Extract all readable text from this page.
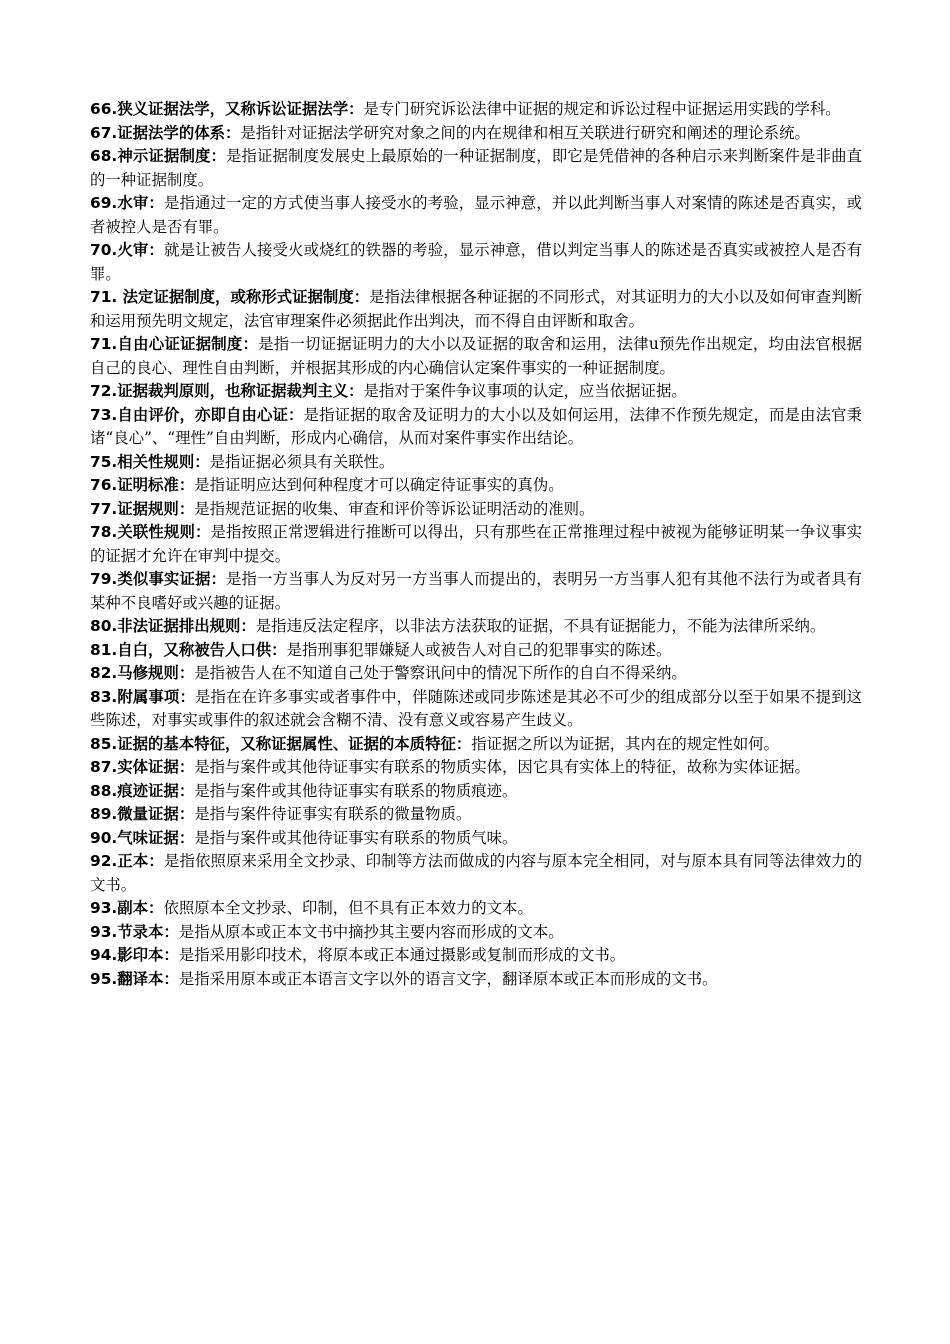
66.狭义证据法学，又称诉讼证据法学：是专门研究诉讼法律中证据的规定和诉讼过程中证据运用实践的学科。

67.证据法学的体系：是指针对证据法学研究对象之间的内在规律和相互关联进行研究和阐述的理论系统。

68.神示证据制度：是指证据制度发展史上最原始的一种证据制度，即它是凭借神的各种启示来判断案件是非曲直的一种证据制度。

69.水审：是指通过一定的方式使当事人接受水的考验，显示神意，并以此判断当事人对案情的陈述是否真实，或者被控人是否有罪。

70.火审：就是让被告人接受火或烧红的铁器的考验，显示神意，借以判定当事人的陈述是否真实或被控人是否有罪。

71. 法定证据制度，或称形式证据制度：是指法律根据各种证据的不同形式，对其证明力的大小以及如何审查判断和运用预先明文规定，法官审理案件必须据此作出判决，而不得自由评断和取舍。

71.自由心证证据制度：是指一切证据证明力的大小以及证据的取舍和运用，法律u预先作出规定，均由法官根据自己的良心、理性自由判断，并根据其形成的内心确信认定案件事实的一种证据制度。

72.证据裁判原则，也称证据裁判主义：是指对于案件争议事项的认定，应当依据证据。

73.自由评价，亦即自由心证：是指证据的取舍及证明力的大小以及如何运用，法律不作预先规定，而是由法官秉诸“良心”、“理性”自由判断，形成内心确信，从而对案件事实作出结论。

75.相关性规则：是指证据必须具有关联性。

76.证明标准：是指证明应达到何种程度才可以确定待证事实的真伪。

77.证据规则：是指规范证据的收集、审查和评价等诉讼证明活动的准则。

78.关联性规则：是指按照正常逻辑进行推断可以得出，只有那些在正常推理过程中被视为能够证明某一争议事实的证据才允许在审判中提交。

79.类似事实证据：是指一方当事人为反对另一方当事人而提出的，表明另一方当事人犯有其他不法行为或者具有某种不良嗜好或兴趣的证据。

80.非法证据排出规则：是指违反法定程序，以非法方法获取的证据，不具有证据能力，不能为法律所采纳。

81.自白，又称被告人口供：是指刑事犯罪嫌疑人或被告人对自己的犯罪事实的陈述。

82.马修规则：是指被告人在不知道自己处于警察讯问中的情况下所作的自白不得采纳。

83.附属事项：是指在在许多事实或者事件中，伴随陈述或同步陈述是其必不可少的组成部分以至于如果不提到这些陈述，对事实或事件的叙述就会含糊不清、没有意义或容易产生歧义。

85.证据的基本特征，又称证据属性、证据的本质特征：指证据之所以为证据，其内在的规定性如何。

87.实体证据：是指与案件或其他待证事实有联系的物质实体，因它具有实体上的特征，故称为实体证据。

88.痕迹证据：是指与案件或其他待证事实有联系的物质痕迹。

89.微量证据：是指与案件待证事实有联系的微量物质。

90.气味证据：是指与案件或其他待证事实有联系的物质气味。

92.正本：是指依照原来采用全文抄录、印制等方法而做成的内容与原本完全相同，对与原本具有同等法律效力的文书。

93.副本：依照原本全文抄录、印制，但不具有正本效力的文本。

93.节录本：是指从原本或正本文书中摘抄其主要内容而形成的文本。

94.影印本：是指采用影印技术，将原本或正本通过摄影或复制而形成的文书。

95.翻译本：是指采用原本或正本语言文字以外的语言文字，翻译原本或正本而形成的文书。
